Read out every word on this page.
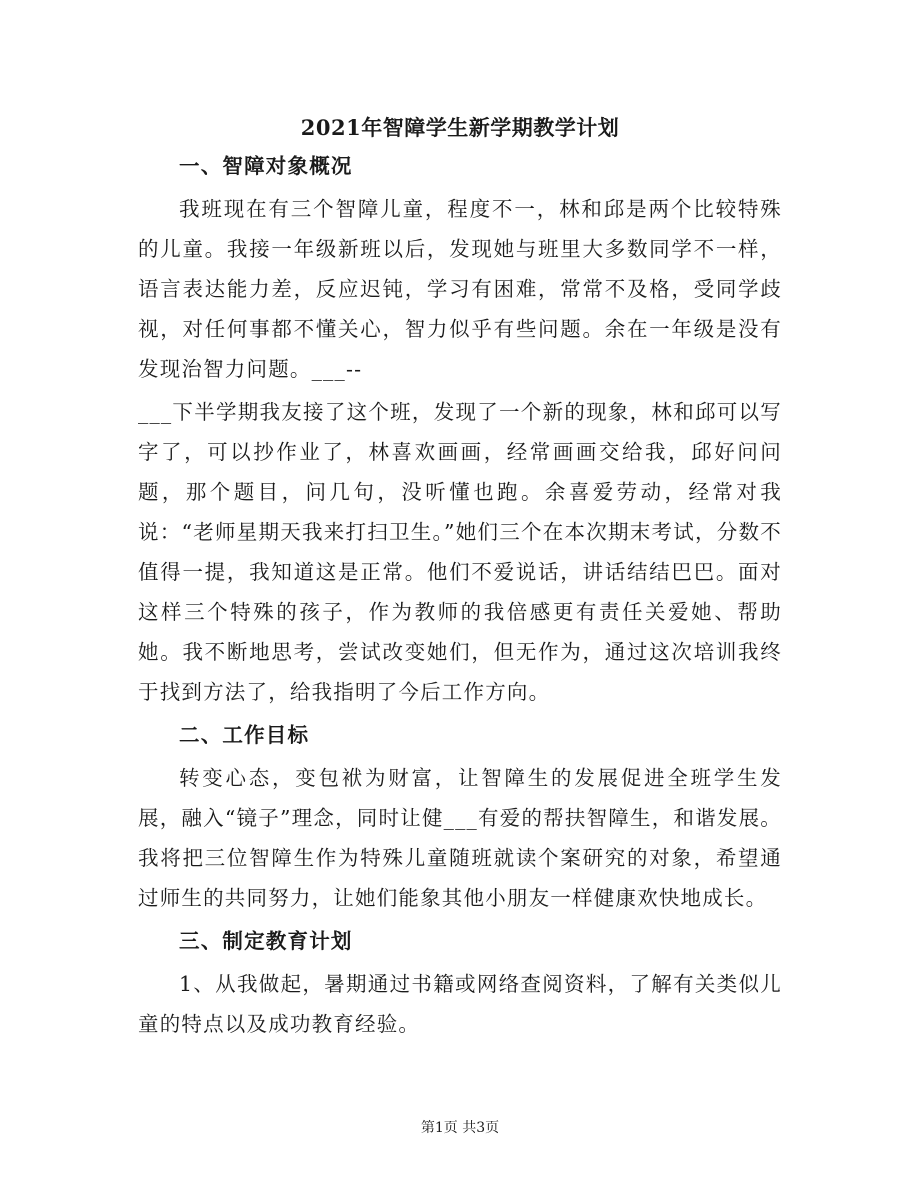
2021年智障学生新学期教学计划

一、智障对象概况

我班现在有三个智障儿童，程度不一，林和邱是两个比较特殊的儿童。我接一年级新班以后，发现她与班里大多数同学不一样，语言表达能力差，反应迟钝，学习有困难，常常不及格，受同学歧视，对任何事都不懂关心，智力似乎有些问题。余在一年级是没有发现治智力问题。___--

___下半学期我友接了这个班，发现了一个新的现象，林和邱可以写字了，可以抄作业了，林喜欢画画，经常画画交给我，邱好问问题，那个题目，问几句，没听懂也跑。余喜爱劳动，经常对我说：“老师星期天我来打扫卫生。”她们三个在本次期末考试，分数不值得一提，我知道这是正常。他们不爱说话，讲话结结巴巴。面对这样三个特殊的孩子，作为教师的我倍感更有责任关爱她、帮助她。我不断地思考，尝试改变她们，但无作为，通过这次培训我终于找到方法了，给我指明了今后工作方向。

二、工作目标

转变心态，变包袱为财富，让智障生的发展促进全班学生发展，融入“镜子”理念，同时让健___有爱的帮扶智障生，和谐发展。我将把三位智障生作为特殊儿童随班就读个案研究的对象，希望通过师生的共同努力，让她们能象其他小朋友一样健康欢快地成长。

三、制定教育计划

1、从我做起，暑期通过书籍或网络查阅资料，了解有关类似儿童的特点以及成功教育经验。

第1页 共3页
